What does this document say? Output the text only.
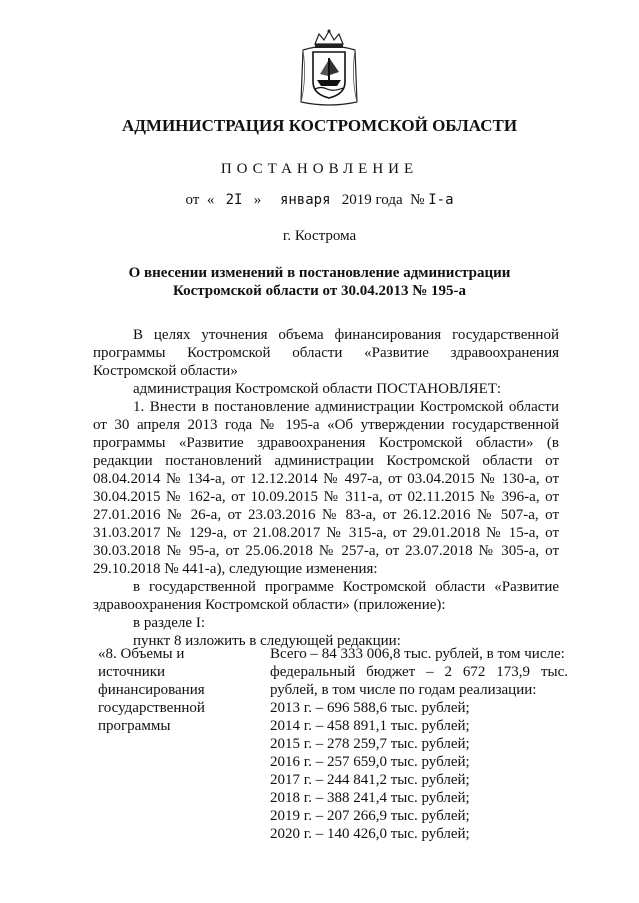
АДМИНИСТРАЦИЯ КОСТРОМСКОЙ ОБЛАСТИ
ПОСТАНОВЛЕНИЕ
от « 2I » января 2019 года № I-а
г. Кострома
О внесении изменений в постановление администрации
Костромской области от 30.04.2013 № 195-а

В целях уточнения объема финансирования государственной программы Костромской области «Развитие здравоохранения Костромской области»

администрация Костромской области ПОСТАНОВЛЯЕТ:

1. Внести в постановление администрации Костромской области от 30 апреля 2013 года № 195-а «Об утверждении государственной программы «Развитие здравоохранения Костромской области» (в редакции постановлений администрации Костромской области от 08.04.2014 № 134-а, от 12.12.2014 № 497-а, от 03.04.2015 № 130-а, от 30.04.2015 № 162-а, от 10.09.2015 № 311-а, от 02.11.2015 № 396-а, от 27.01.2016 № 26-а, от 23.03.2016 № 83-а, от 26.12.2016 № 507-а, от 31.03.2017 № 129-а, от 21.08.2017 № 315-а, от 29.01.2018 № 15-а, от 30.03.2018 № 95-а, от 25.06.2018 № 257-а, от 23.07.2018 № 305-а, от 29.10.2018 № 441-а), следующие изменения:

в государственной программе Костромской области «Развитие здравоохранения Костромской области» (приложение):

в разделе I:

пункт 8 изложить в следующей редакции:

«8. Объемы и
источники
финансирования
государственной
программы
Всего – 84 333 006,8 тыс. рублей, в том числе:
федеральный бюджет – 2 672 173,9 тыс.
рублей, в том числе по годам реализации:
2013 г. – 696 588,6 тыс. рублей;
2014 г. – 458 891,1 тыс. рублей;
2015 г. – 278 259,7 тыс. рублей;
2016 г. – 257 659,0 тыс. рублей;
2017 г. – 244 841,2 тыс. рублей;
2018 г. – 388 241,4 тыс. рублей;
2019 г. – 207 266,9 тыс. рублей;
2020 г. – 140 426,0 тыс. рублей;
